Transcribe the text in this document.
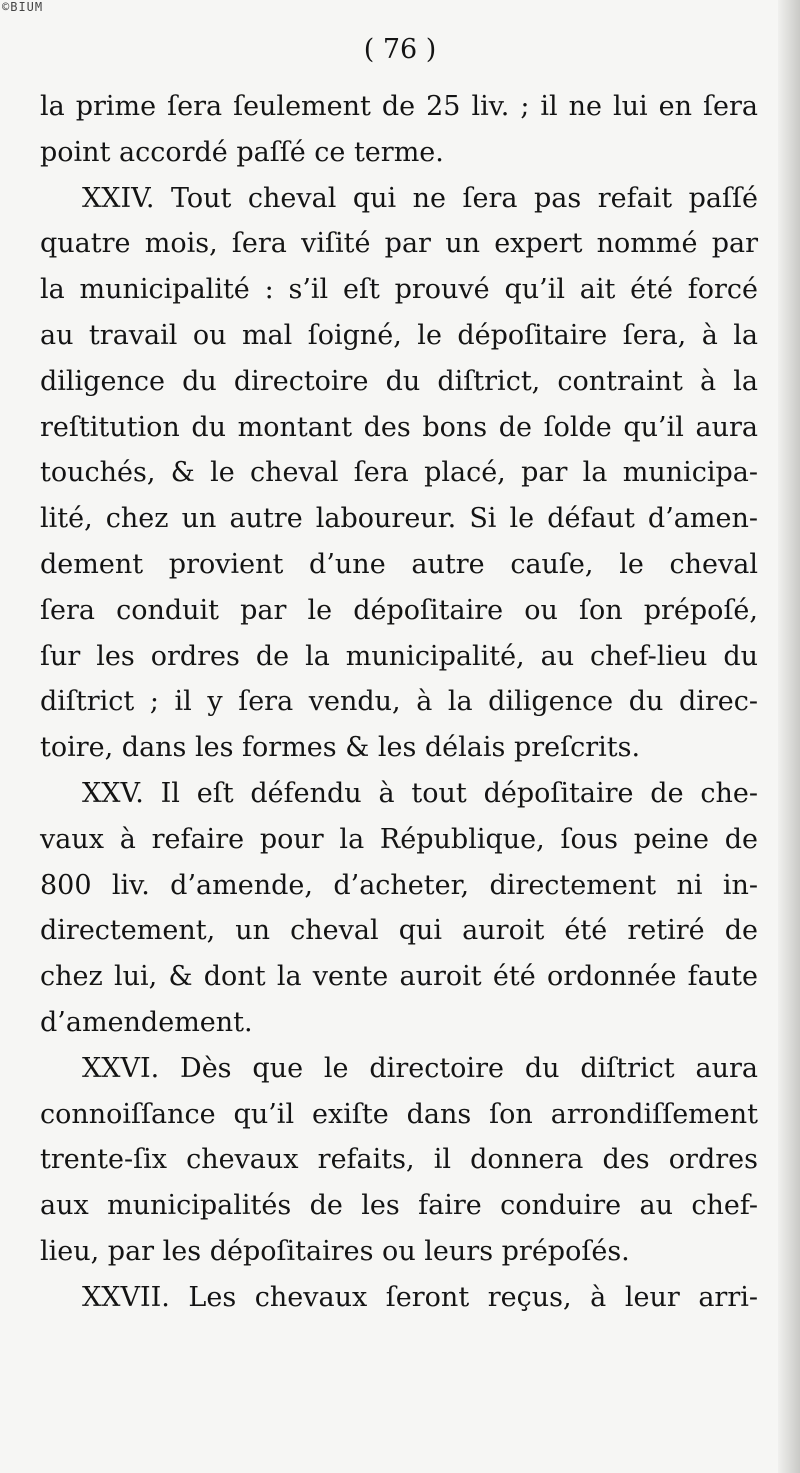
©BIUM
( 76 )
la prime ſera ſeulement de 25 liv. ; il ne lui en ſera
point accordé paſſé ce terme.
XXIV. Tout cheval qui ne ſera pas refait paſſé
quatre mois, ſera viſité par un expert nommé par
la municipalité : s’il eſt prouvé qu’il ait été forcé
au travail ou mal ſoigné, le dépoſitaire ſera, à la
diligence du directoire du diſtrict, contraint à la
reſtitution du montant des bons de ſolde qu’il aura
touchés, & le cheval ſera placé, par la municipa-
lité, chez un autre laboureur. Si le défaut d’amen-
dement provient d’une autre cauſe, le cheval
ſera conduit par le dépoſitaire ou ſon prépoſé,
ſur les ordres de la municipalité, au chef-lieu du
diſtrict ; il y ſera vendu, à la diligence du direc-
toire, dans les formes & les délais preſcrits.
XXV. Il eſt défendu à tout dépoſitaire de che-
vaux à refaire pour la République, ſous peine de
800 liv. d’amende, d’acheter, directement ni in-
directement, un cheval qui auroit été retiré de
chez lui, & dont la vente auroit été ordonnée faute
d’amendement.
XXVI. Dès que le directoire du diſtrict aura
connoiſſance qu’il exiſte dans ſon arrondiſſement
trente-ſix chevaux refaits, il donnera des ordres
aux municipalités de les faire conduire au chef-
lieu, par les dépoſitaires ou leurs prépoſés.
XXVII. Les chevaux ſeront reçus, à leur arri-
